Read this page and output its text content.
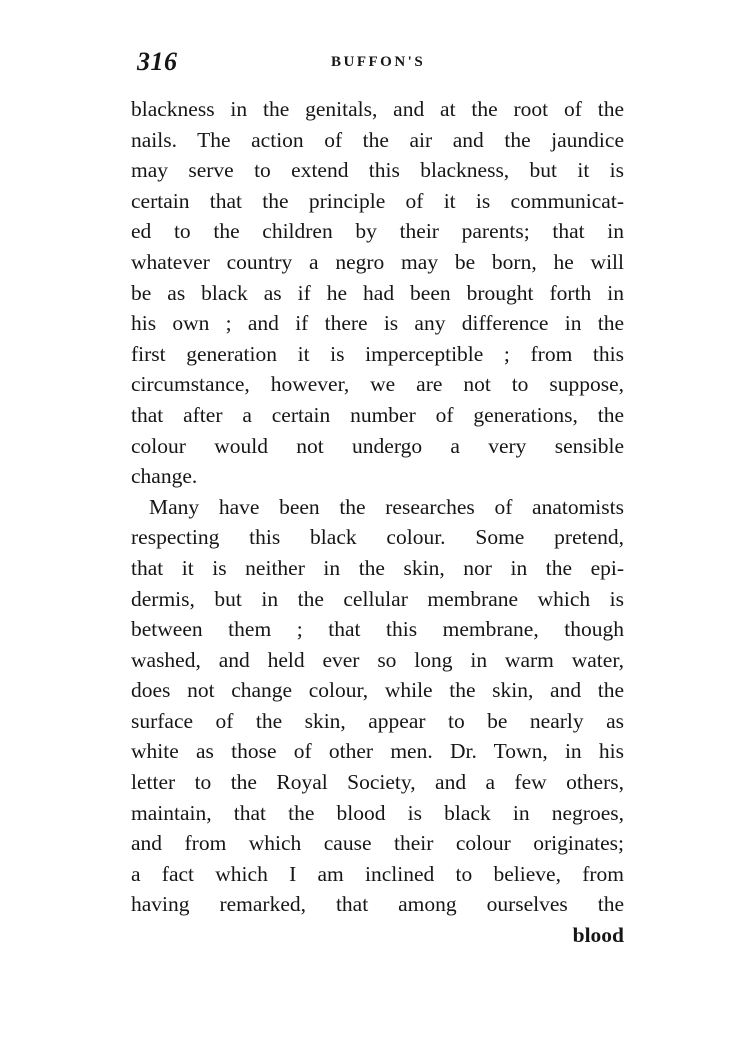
316	BUFFON'S
blackness in the genitals, and at the root of the
nails. The action of the air and the jaundice
may serve to extend this blackness, but it is
certain that the principle of it is communicat-
ed to the children by their parents; that in
whatever country a negro may be born, he will
be as black as if he had been brought forth in
his own ; and if there is any difference in the
first generation it is imperceptible ; from this
circumstance, however, we are not to suppose,
that after a certain number of generations, the
colour would not undergo a very sensible
change.
Many have been the researches of anatomists
respecting this black colour. Some pretend,
that it is neither in the skin, nor in the epi-
dermis, but in the cellular membrane which is
between them ; that this membrane, though
washed, and held ever so long in warm water,
does not change colour, while the skin, and the
surface of the skin, appear to be nearly as
white as those of other men. Dr. Town, in his
letter to the Royal Society, and a few others,
maintain, that the blood is black in negroes,
and from which cause their colour originates;
a fact which I am inclined to believe, from
having remarked, that among ourselves the
blood
